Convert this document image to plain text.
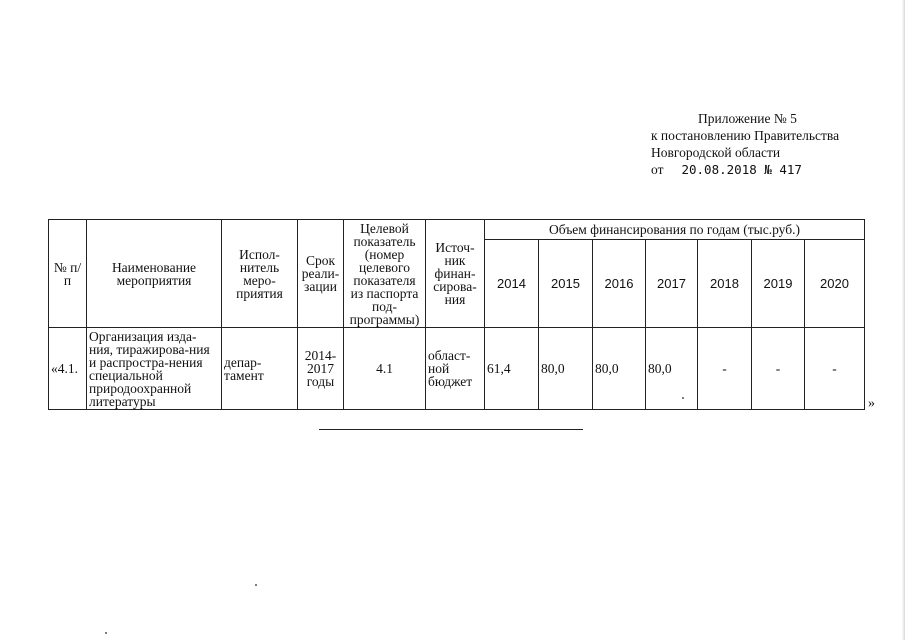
Приложение № 5
к постановлению Правительства
Новгородской области
от 20.08.2018 № 417
№ п/п	Наименование мероприятия	Испол-нитель меро-приятия	Срок реали-зации	Целевой показатель (номер целевого показателя из паспорта под-программы)	Источ-ник финан-сирова-ния	Объем финансирования по годам (тыс.руб.)						
						2014	2015	2016	2017	2018	2019	2020
«4.1.	Организация изда-ния, тиражирова-ния и распростра-нения специальной природоохранной литературы	депар-тамент	2014-2017 годы	4.1	област-ной бюджет	61,4	80,0	80,0	80,0	-	-	-
»
